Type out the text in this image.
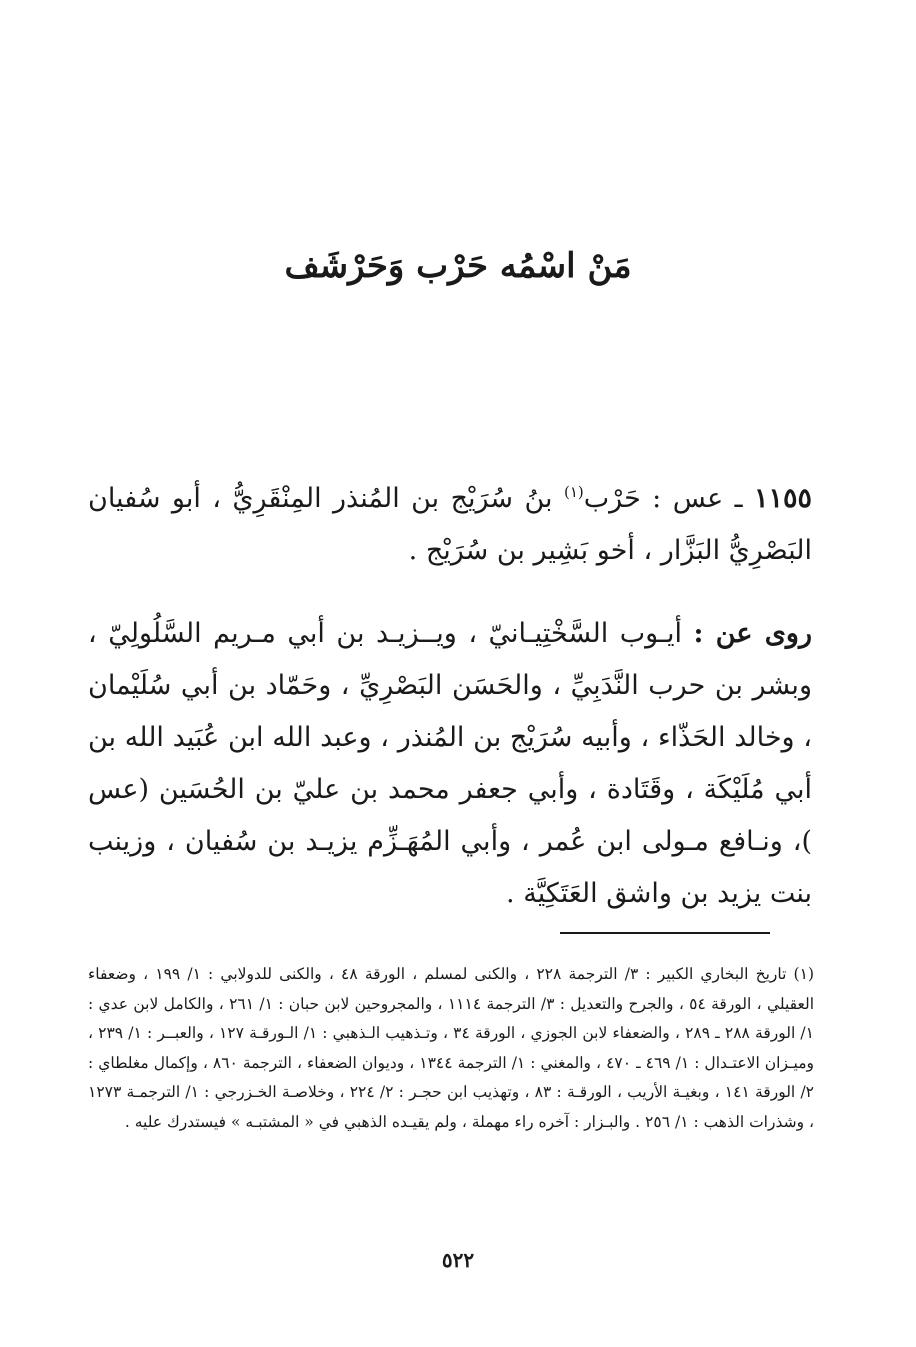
مَنْ اسْمُه حَرْب وَحَرْشَف
١١٥٥ ـ عس : حَرْب$^{(١)}$ بنُ سُرَيْج بن المُنذر المِنْقَرِيُّ ، أبو سُفيان البَصْرِيُّ البَزَّار ، أخو بَشِير بن سُرَيْج .
روى عن : أيـوب السَّخْتِيـانيّ ، ويــزيـد بن أبي مـريم السَّلُولِيّ ، وبشر بن حرب النَّدَبِيِّ ، والحَسَن البَصْرِيِّ ، وحَمّاد بن أبي سُلَيْمان ، وخالد الحَذّاء ، وأبيه سُرَيْج بن المُنذر ، وعبد الله ابن عُبَيد الله بن أبي مُلَيْكَة ، وقَتَادة ، وأبي جعفر محمد بن عليّ بن الحُسَين (عس )، ونـافع مـولى ابن عُمر ، وأبي المُهَـزِّم يزيـد بن سُفيان ، وزينب بنت يزيد بن واشق العَتَكِيَّة .
(١) تاريخ البخاري الكبير : ٣/ الترجمة ٢٢٨ ، والكنى لمسلم ، الورقة ٤٨ ، والكنى للدولابي : ١/ ١٩٩ ، وضعفاء العقيلي ، الورقة ٥٤ ، والجرح والتعديل : ٣/ الترجمة ١١١٤ ، والمجروحين لابن حبان : ١/ ٢٦١ ، والكامل لابن عدي : ١/ الورقة ٢٨٨ ـ ٢٨٩ ، والضعفاء لابن الجوزي ، الورقة ٣٤ ، وتـذهيب الـذهبي : ١/ الـورقـة ١٢٧ ، والعبــر : ١/ ٢٣٩ ، وميـزان الاعتـدال : ١/ ٤٦٩ ـ ٤٧٠ ، والمغني : ١/ الترجمة ١٣٤٤ ، وديوان الضعفاء ، الترجمة ٨٦٠ ، وإكمال مغلطاي : ٢/ الورقة ١٤١ ، وبغيـة الأريب ، الورقـة : ٨٣ ، وتهذيب ابن حجـر : ٢/ ٢٢٤ ، وخلاصـة الخـزرجي : ١/ الترجمـة ١٢٧٣ ، وشذرات الذهب : ١/ ٢٥٦ . والبـزار : آخره راء مهملة ، ولم يقيـده الذهبي في « المشتبـه » فيستدرك عليه .
٥٢٢
